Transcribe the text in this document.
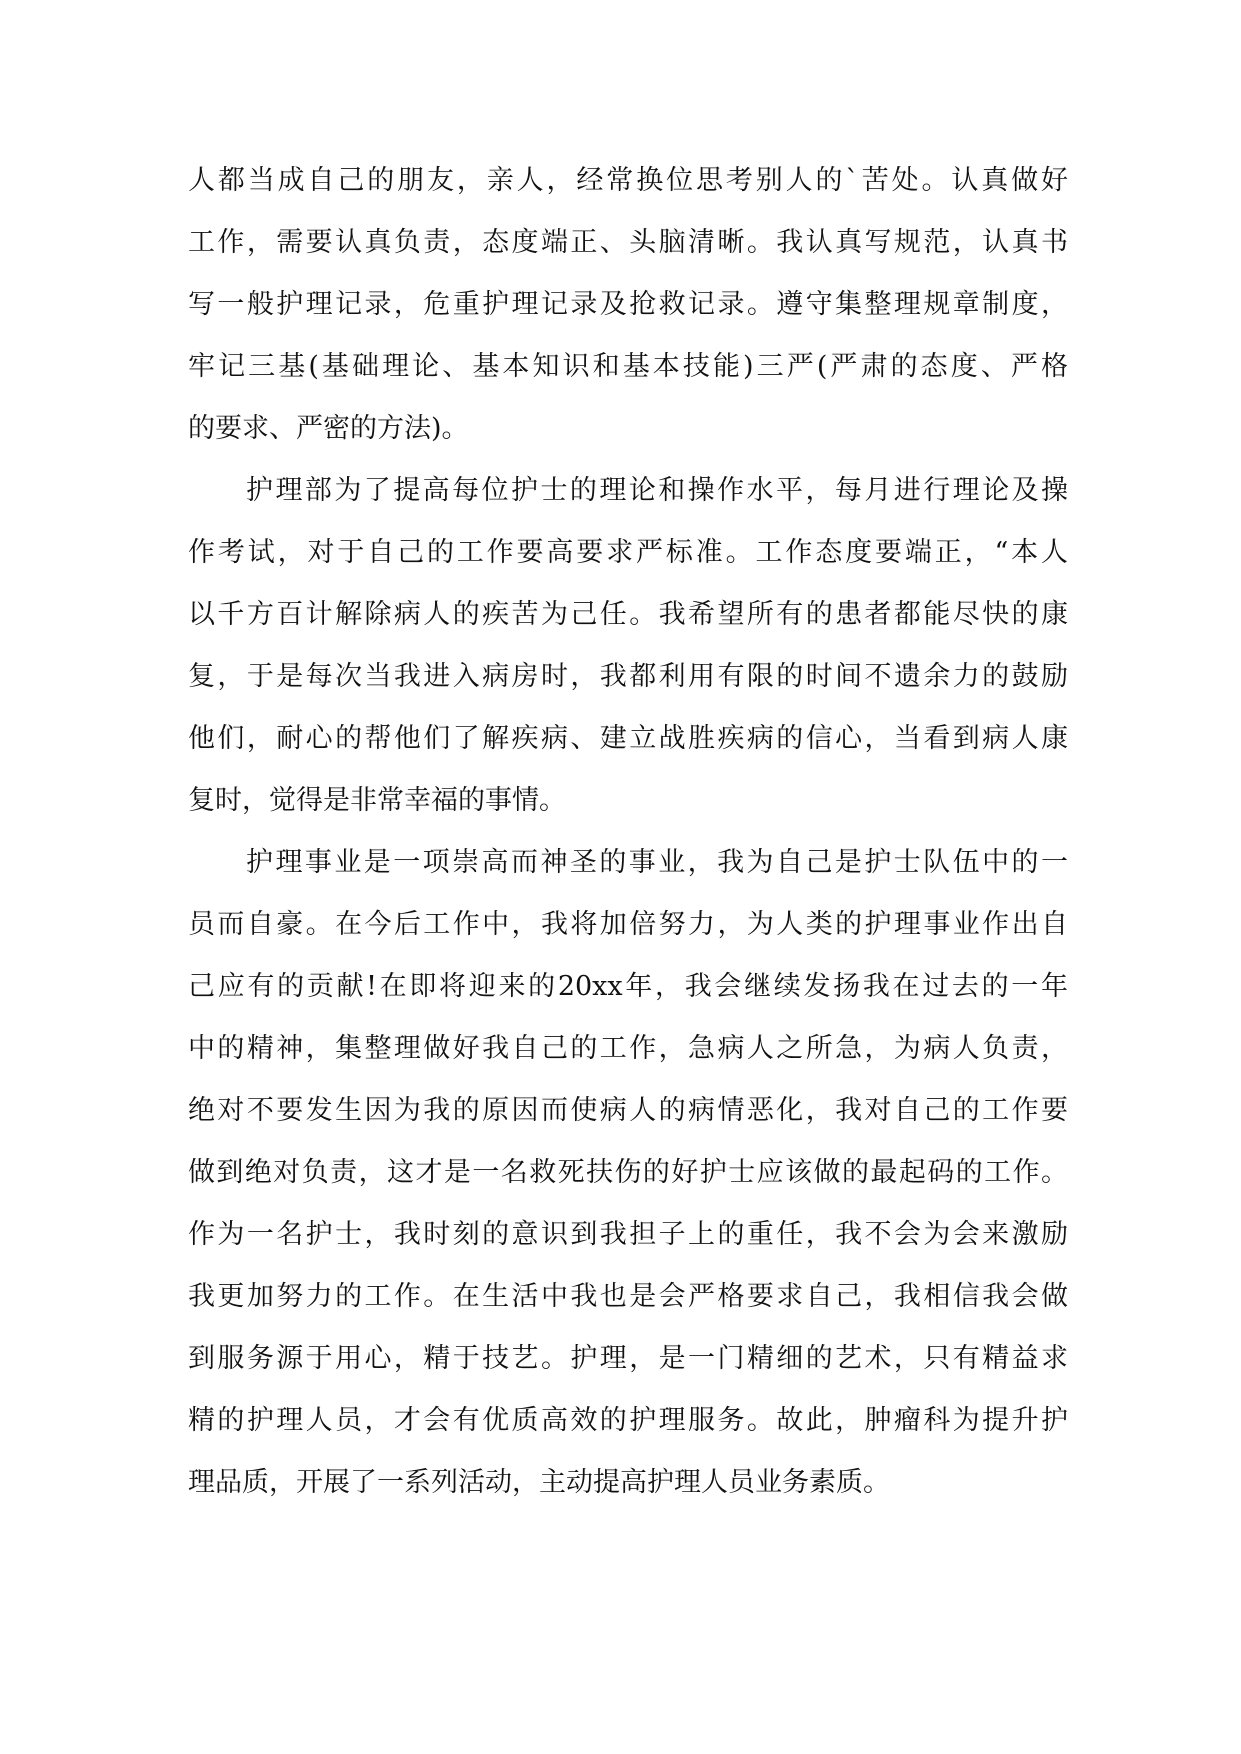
人都当成自己的朋友，亲人，经常换位思考别人的`苦处。认真做好
工作，需要认真负责，态度端正、头脑清晰。我认真写规范，认真书
写一般护理记录，危重护理记录及抢救记录。遵守集整理规章制度，
牢记三基(基础理论、基本知识和基本技能)三严(严肃的态度、严格
的要求、严密的方法)。
护理部为了提高每位护士的理论和操作水平，每月进行理论及操
作考试，对于自己的工作要高要求严标准。工作态度要端正，“本人
以千方百计解除病人的疾苦为己任。我希望所有的患者都能尽快的康
复，于是每次当我进入病房时，我都利用有限的时间不遗余力的鼓励
他们，耐心的帮他们了解疾病、建立战胜疾病的信心，当看到病人康
复时，觉得是非常幸福的事情。
护理事业是一项崇高而神圣的事业，我为自己是护士队伍中的一
员而自豪。在今后工作中，我将加倍努力，为人类的护理事业作出自
己应有的贡献!在即将迎来的20xx年，我会继续发扬我在过去的一年
中的精神，集整理做好我自己的工作，急病人之所急，为病人负责，
绝对不要发生因为我的原因而使病人的病情恶化，我对自己的工作要
做到绝对负责，这才是一名救死扶伤的好护士应该做的最起码的工作。
作为一名护士，我时刻的意识到我担子上的重任，我不会为会来激励
我更加努力的工作。在生活中我也是会严格要求自己，我相信我会做
到服务源于用心，精于技艺。护理，是一门精细的艺术，只有精益求
精的护理人员，才会有优质高效的护理服务。故此，肿瘤科为提升护
理品质，开展了一系列活动，主动提高护理人员业务素质。
